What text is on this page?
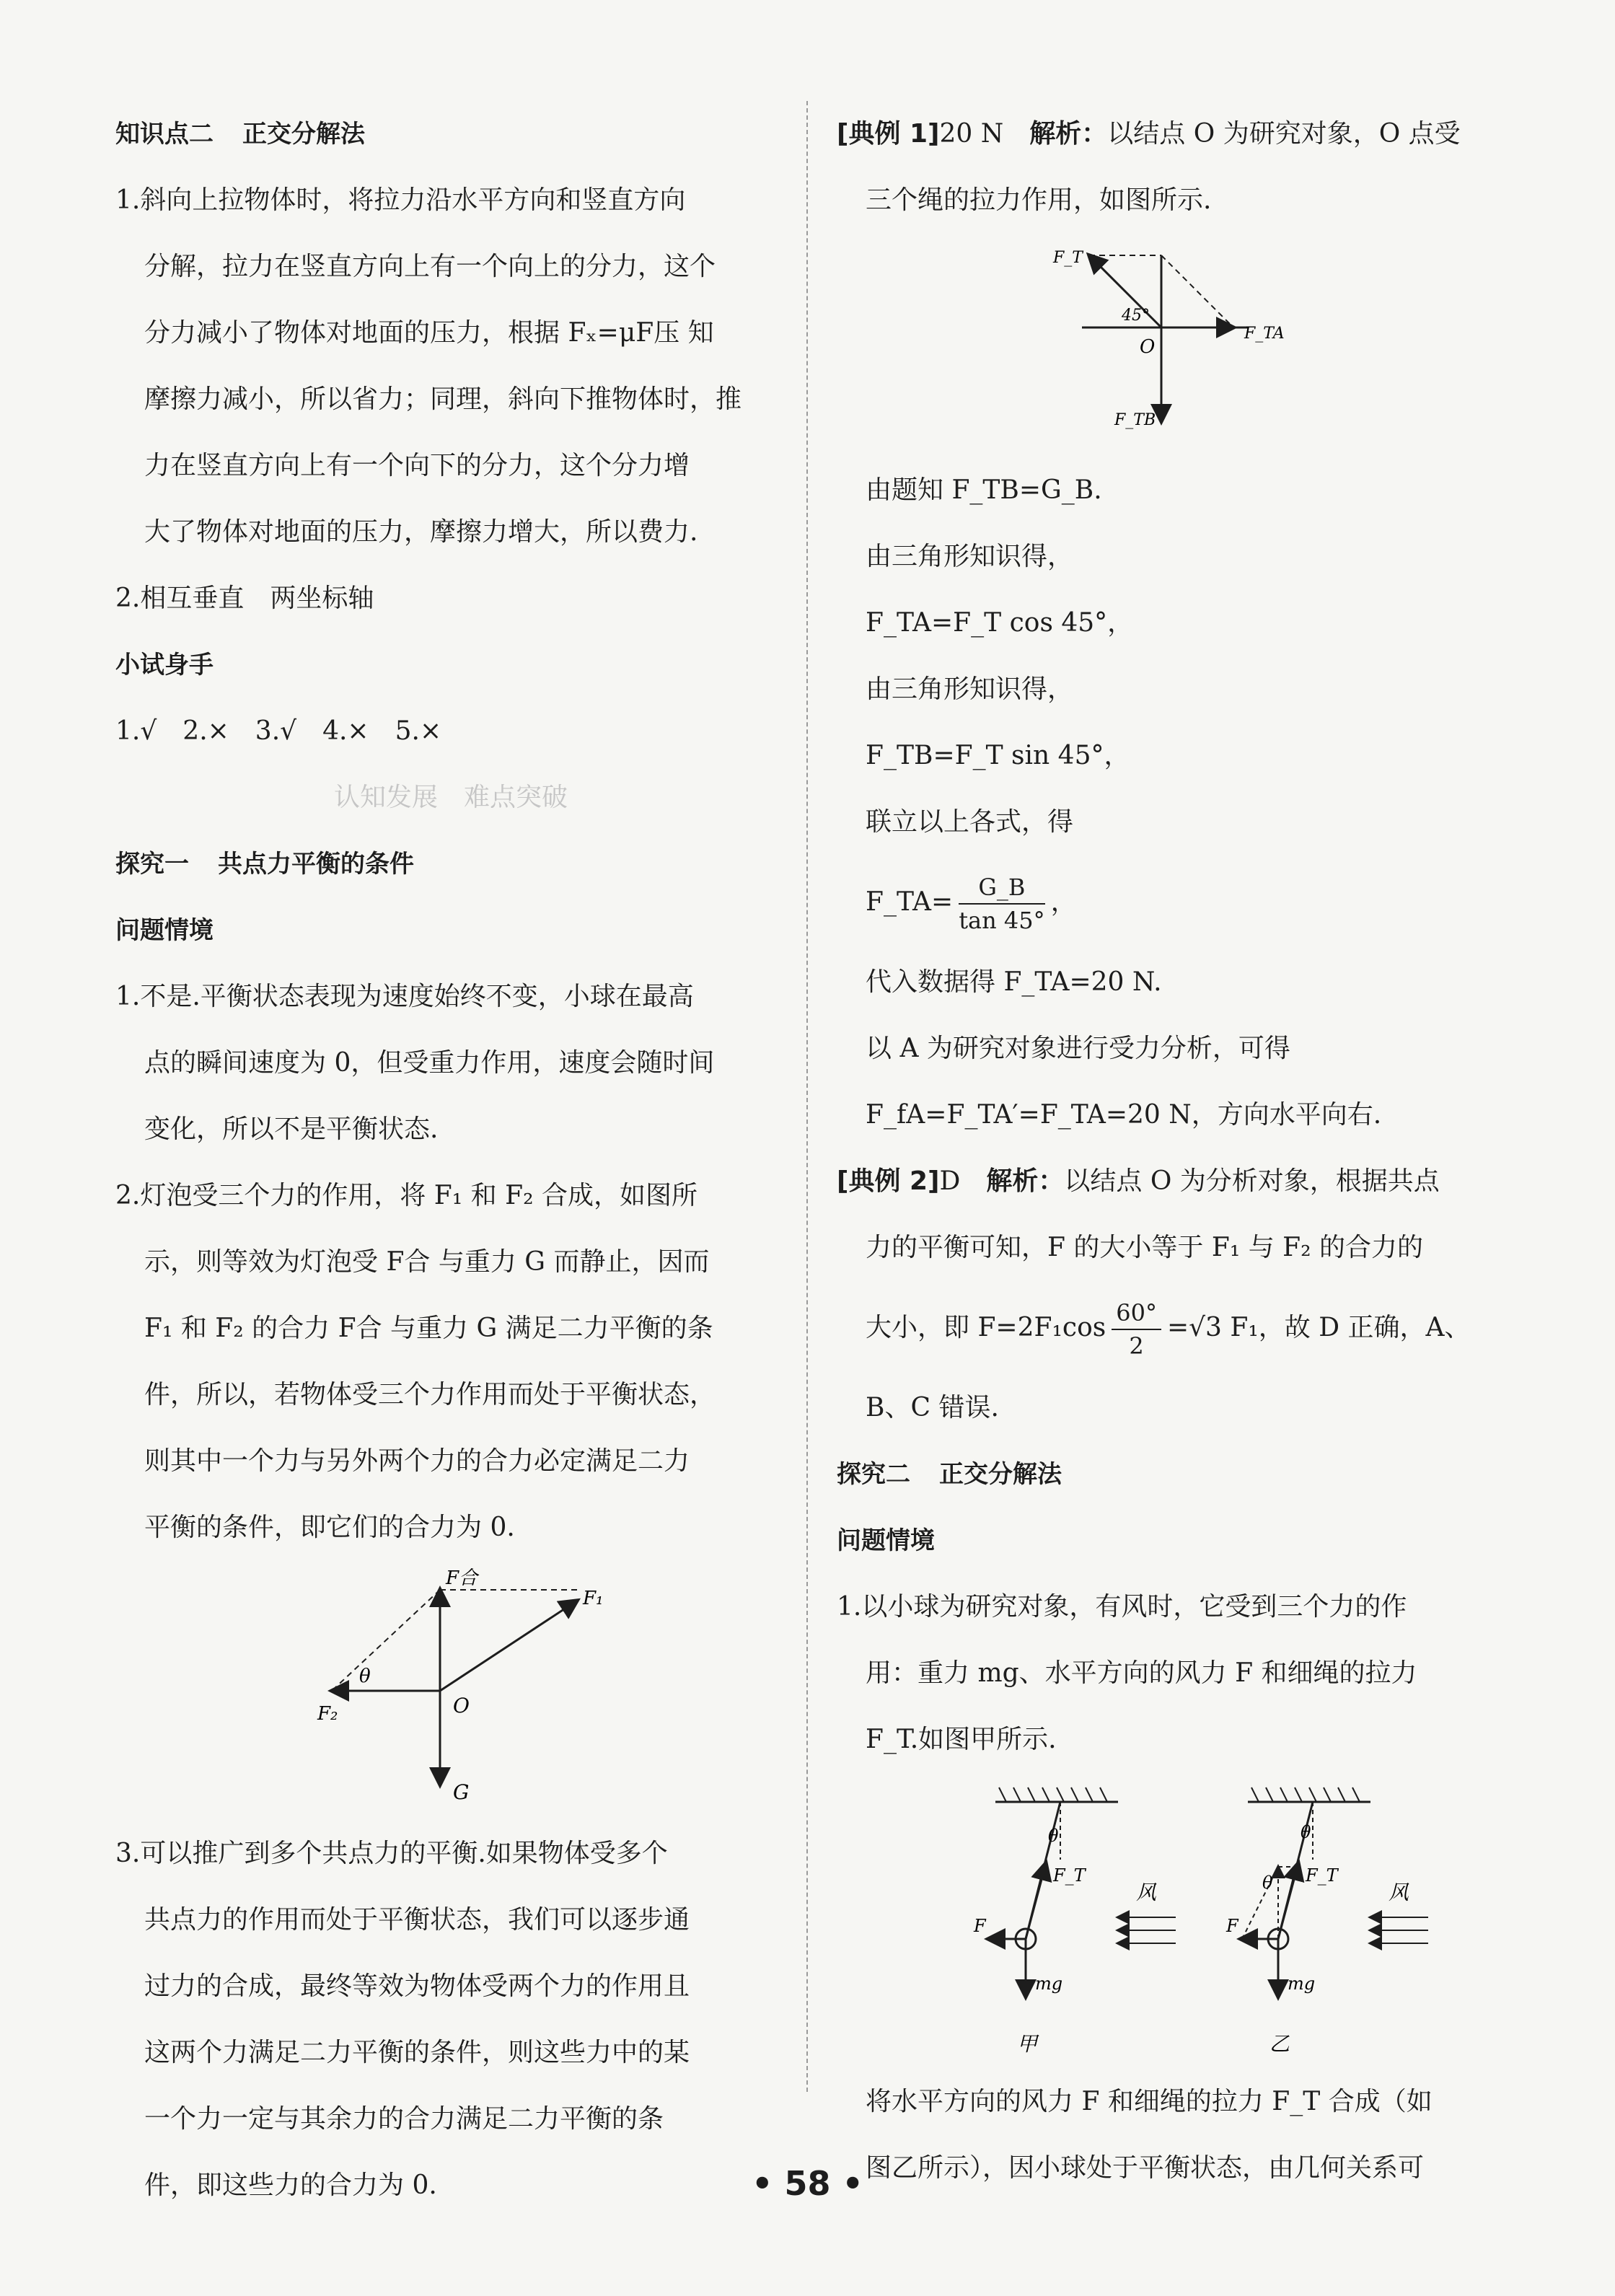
知识点二 正交分解法
1.斜向上拉物体时，将拉力沿水平方向和竖直方向
分解，拉力在竖直方向上有一个向上的分力，这个
分力减小了物体对地面的压力，根据 Fₓ=μF压 知
摩擦力减小，所以省力；同理，斜向下推物体时，推
力在竖直方向上有一个向下的分力，这个分力增
大了物体对地面的压力，摩擦力增大，所以费力.
2.相互垂直　两坐标轴
小试身手
1.√　2.×　3.√　4.×　5.×
认知发展　难点突破
探究一 共点力平衡的条件
问题情境
1.不是.平衡状态表现为速度始终不变，小球在最高
点的瞬间速度为 0，但受重力作用，速度会随时间
变化，所以不是平衡状态.
2.灯泡受三个力的作用，将 F₁ 和 F₂ 合成，如图所
示，则等效为灯泡受 F合 与重力 G 而静止，因而
F₁ 和 F₂ 的合力 F合 与重力 G 满足二力平衡的条
件，所以，若物体受三个力作用而处于平衡状态，
则其中一个力与另外两个力的合力必定满足二力
平衡的条件，即它们的合力为 0.
F合
F₁
F₂
θ
O
G
3.可以推广到多个共点力的平衡.如果物体受多个
共点力的作用而处于平衡状态，我们可以逐步通
过力的合成，最终等效为物体受两个力的作用且
这两个力满足二力平衡的条件，则这些力中的某
一个力一定与其余力的合力满足二力平衡的条
件，即这些力的合力为 0.
[典例 1]20 N　 解析：以结点 O 为研究对象，O 点受
三个绳的拉力作用，如图所示.
F_T
F_TA
F_TB
O
45°
由题知 F_TB=G_B.
由三角形知识得，
F_TA=F_T cos 45°，
由三角形知识得，
F_TB=F_T sin 45°，
联立以上各式，得
F_TA= $\frac{G\_B}{\tan 45^\circ}$ ，
代入数据得 F_TA=20 N.
以 A 为研究对象进行受力分析，可得
F_fA=F_TA′=F_TA=20 N，方向水平向右.
[典例 2]D　 解析：以结点 O 为分析对象，根据共点
力的平衡可知，F 的大小等于 F₁ 与 F₂ 的合力的
大小，即 $F=2F_1\cos \frac{60^\circ}{2} =√3$ F₁，故 D 正确，A、
B、C 错误.
探究二 正交分解法
问题情境
1.以小球为研究对象，有风时，它受到三个力的作
用：重力 mg、水平方向的风力 F 和细绳的拉力
F_T.如图甲所示.
θ
F_T
F
mg
风
甲
θ
θ F_T
F
mg
风
乙
将水平方向的风力 F 和细绳的拉力 F_T 合成（如
图乙所示），因小球处于平衡状态，由几何关系可
• 58 •
